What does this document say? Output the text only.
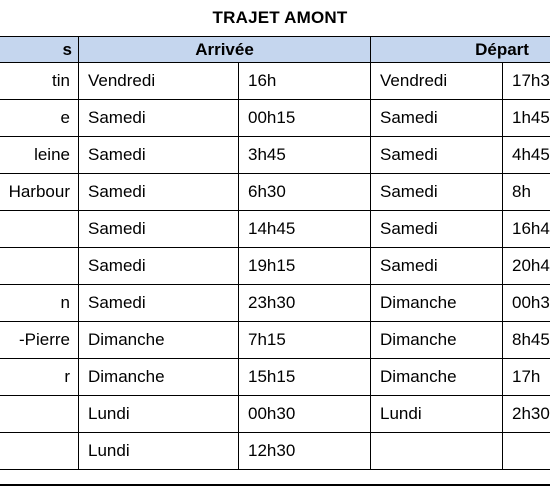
TRAJET AMONT
s	Arrivée		Départ	
tin	Vendredi	16h	Vendredi	17h3
e	Samedi	00h15	Samedi	1h45
leine	Samedi	3h45	Samedi	4h45
Harbour	Samedi	6h30	Samedi	8h
	Samedi	14h45	Samedi	16h4
	Samedi	19h15	Samedi	20h4
n	Samedi	23h30	Dimanche	00h3
-Pierre	Dimanche	7h15	Dimanche	8h45
r	Dimanche	15h15	Dimanche	17h
	Lundi	00h30	Lundi	2h30
	Lundi	12h30		
